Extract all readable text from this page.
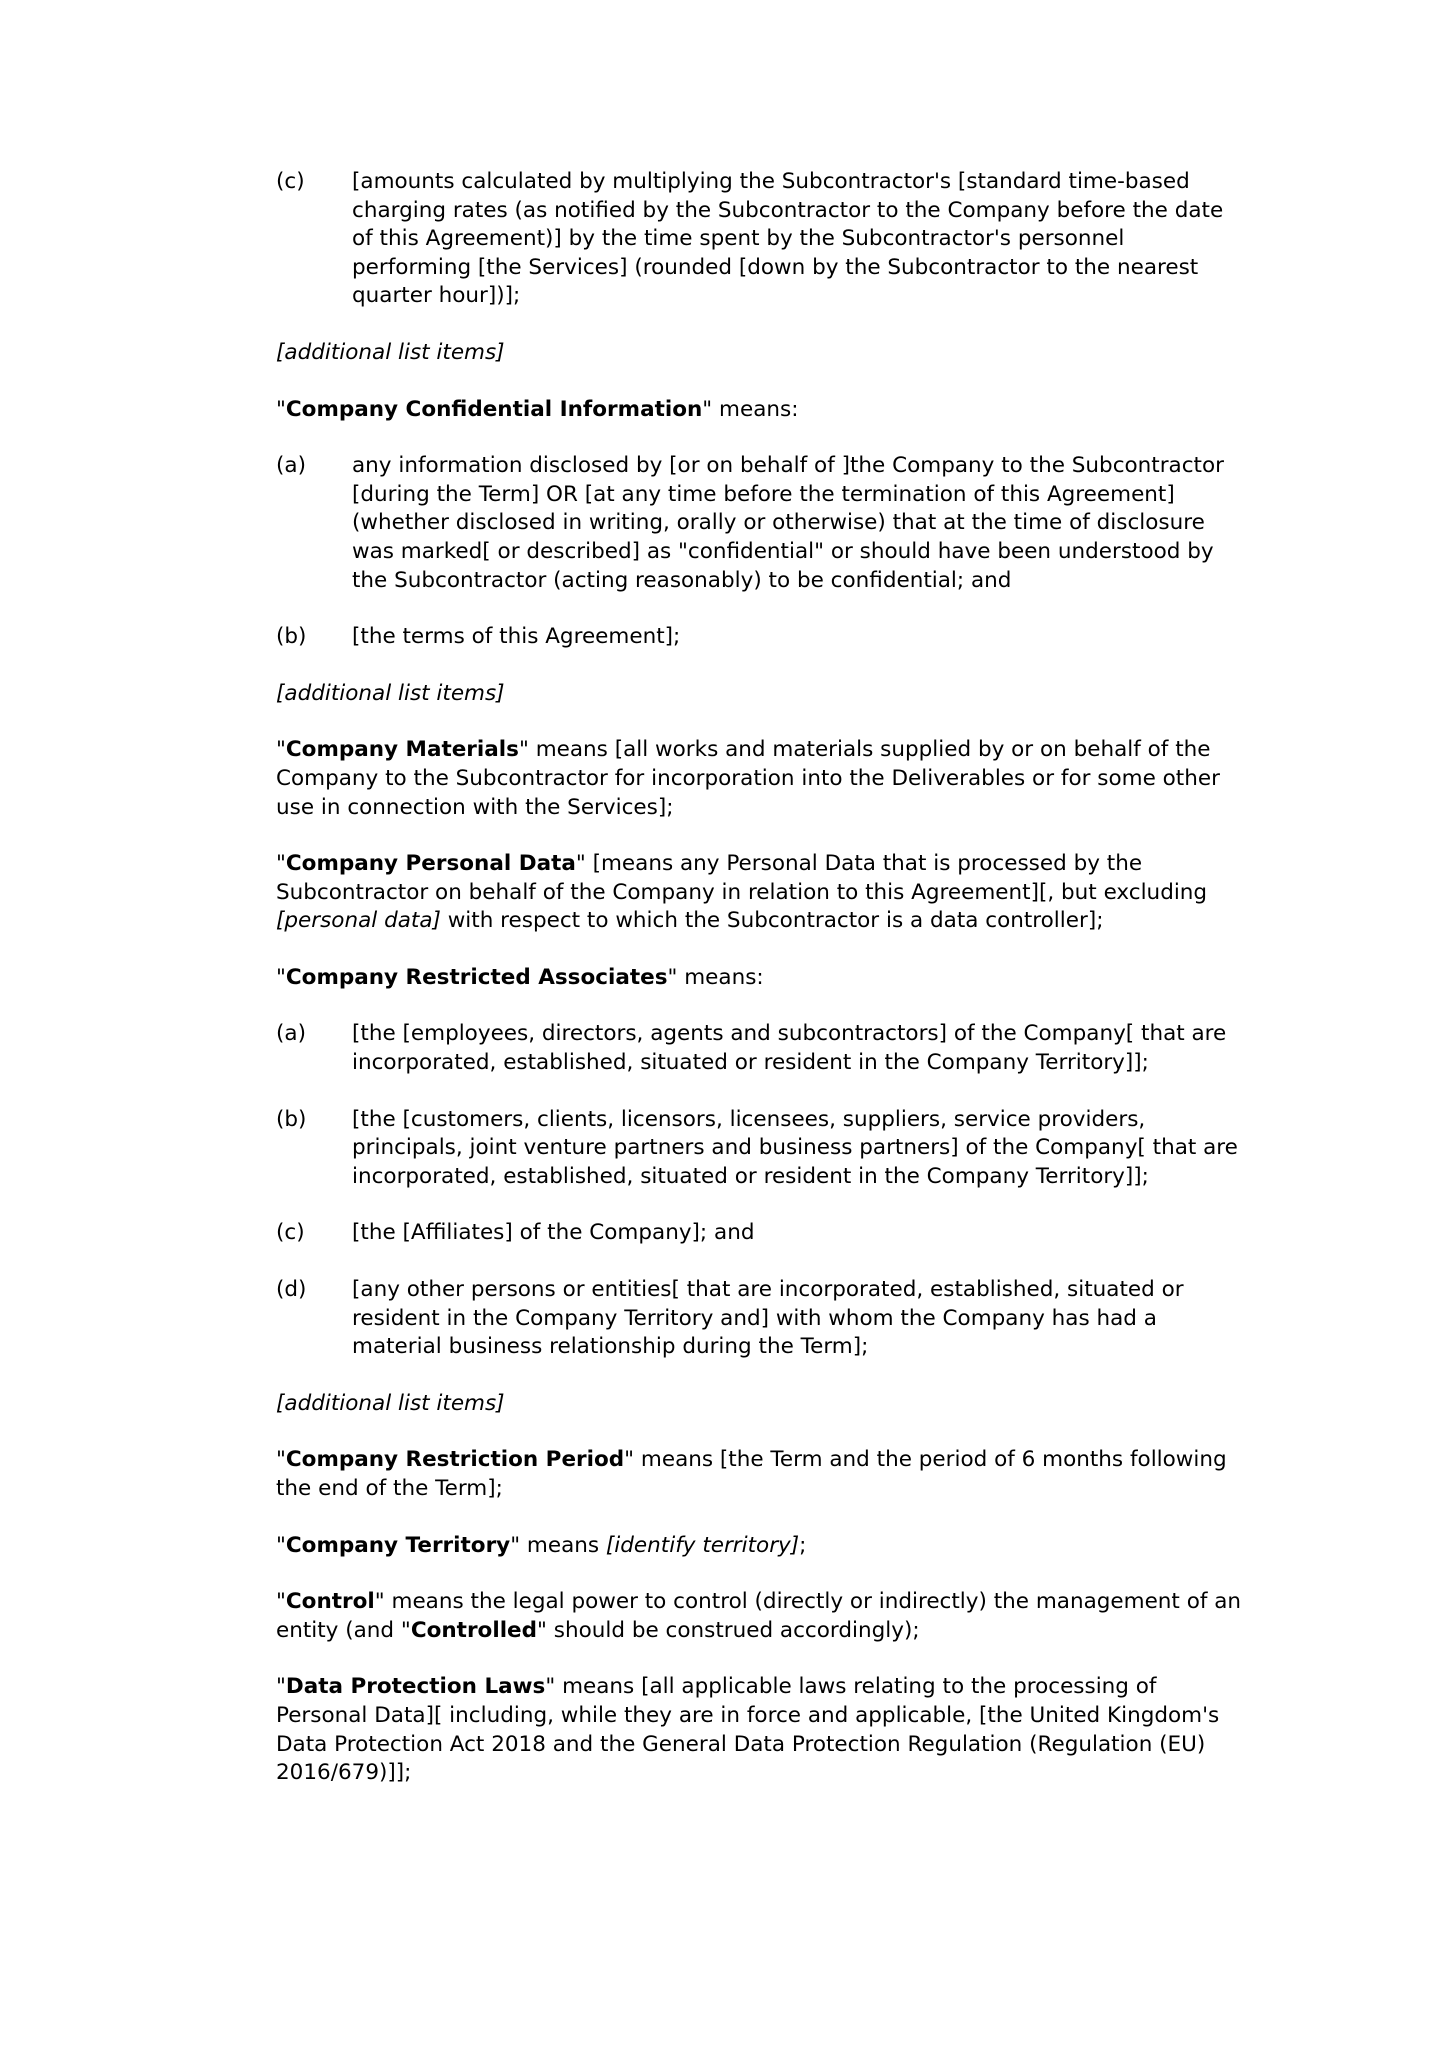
(c)	[amounts calculated by multiplying the Subcontractor's [standard time-based charging rates (as notified by the Subcontractor to the Company before the date of this Agreement)] by the time spent by the Subcontractor's personnel performing [the Services] (rounded [down by the Subcontractor to the nearest quarter hour])];

[additional list items]

"Company Confidential Information" means:

(a)	any information disclosed by [or on behalf of ]the Company to the Subcontractor [during the Term] OR [at any time before the termination of this Agreement] (whether disclosed in writing, orally or otherwise) that at the time of disclosure was marked[ or described] as "confidential" or should have been understood by the Subcontractor (acting reasonably) to be confidential; and
(b)	[the terms of this Agreement];

[additional list items]

"Company Materials" means [all works and materials supplied by or on behalf of the Company to the Subcontractor for incorporation into the Deliverables or for some other use in connection with the Services];

"Company Personal Data" [means any Personal Data that is processed by the Subcontractor on behalf of the Company in relation to this Agreement][, but excluding [personal data] with respect to which the Subcontractor is a data controller];

"Company Restricted Associates" means:

(a)	[the [employees, directors, agents and subcontractors] of the Company[ that are incorporated, established, situated or resident in the Company Territory]];
(b)	[the [customers, clients, licensors, licensees, suppliers, service providers, principals, joint venture partners and business partners] of the Company[ that are incorporated, established, situated or resident in the Company Territory]];
(c)	[the [Affiliates] of the Company]; and
(d)	[any other persons or entities[ that are incorporated, established, situated or resident in the Company Territory and] with whom the Company has had a material business relationship during the Term];

[additional list items]

"Company Restriction Period" means [the Term and the period of 6 months following the end of the Term];

"Company Territory" means [identify territory];

"Control" means the legal power to control (directly or indirectly) the management of an entity (and "Controlled" should be construed accordingly);

"Data Protection Laws" means [all applicable laws relating to the processing of Personal Data][ including, while they are in force and applicable, [the United Kingdom's Data Protection Act 2018 and the General Data Protection Regulation (Regulation (EU) 2016/679)]];
